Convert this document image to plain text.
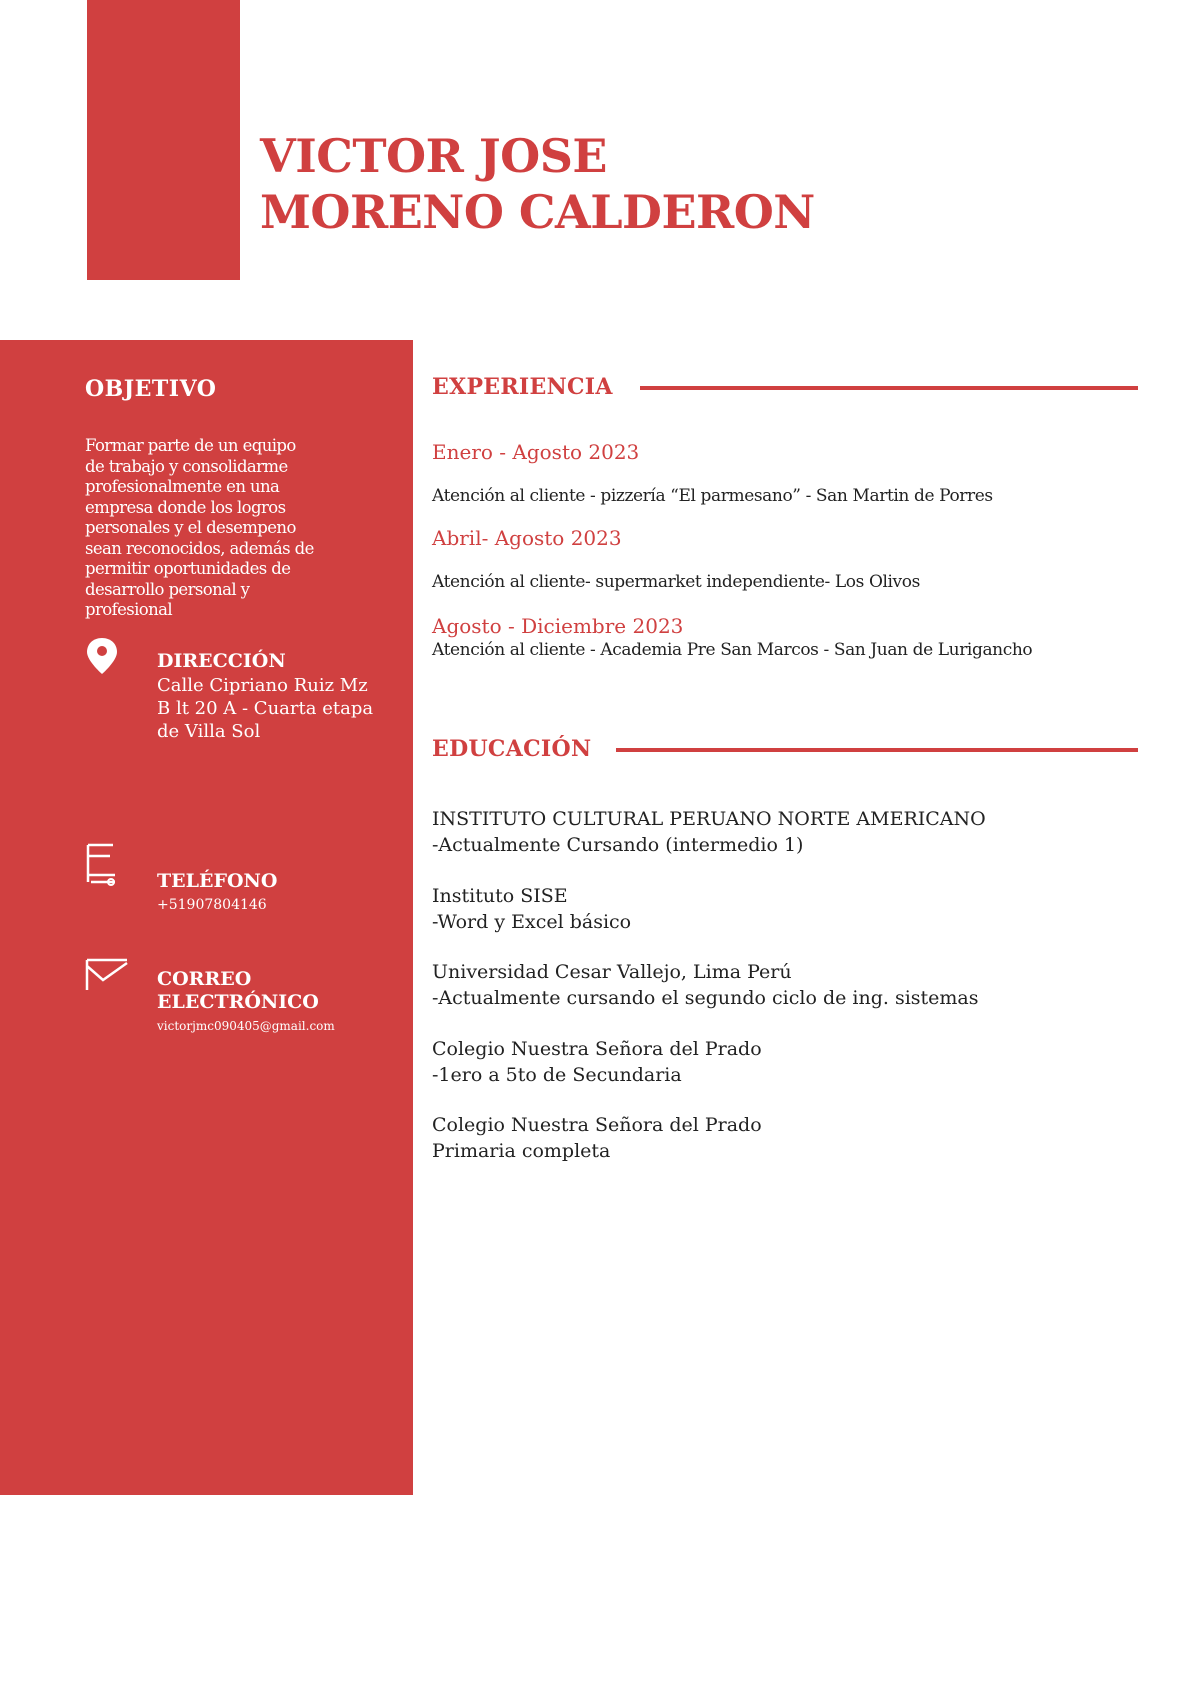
VICTOR JOSE
MORENO CALDERON
OBJETIVO

Formar parte de un equipo de trabajo y consolidarme profesionalmente en una empresa donde los logros personales y el desempeno sean reconocidos, además de permitir oportunidades de desarrollo personal y profesional

DIRECCIÓN
Calle Cipriano Ruiz Mz B lt 20 A - Cuarta etapa de Villa Sol
TELÉFONO
+51907804146
CORREO
ELECTRÓNICO
victorjmc090405@gmail.com
EXPERIENCIA

Enero - Agosto 2023

Atención al cliente - pizzería “El parmesano” - San Martin de Porres

Abril- Agosto 2023

Atención al cliente- supermarket independiente- Los Olivos

Agosto - Diciembre 2023

Atención al cliente - Academia Pre San Marcos - San Juan de Lurigancho

EDUCACIÓN

INSTITUTO CULTURAL PERUANO NORTE AMERICANO
-Actualmente Cursando (intermedio 1)

Instituto SISE
-Word y Excel básico

Universidad Cesar Vallejo, Lima Perú
-Actualmente cursando el segundo ciclo de ing. sistemas

Colegio Nuestra Señora del Prado
-1ero a 5to de Secundaria

Colegio Nuestra Señora del Prado
Primaria completa
